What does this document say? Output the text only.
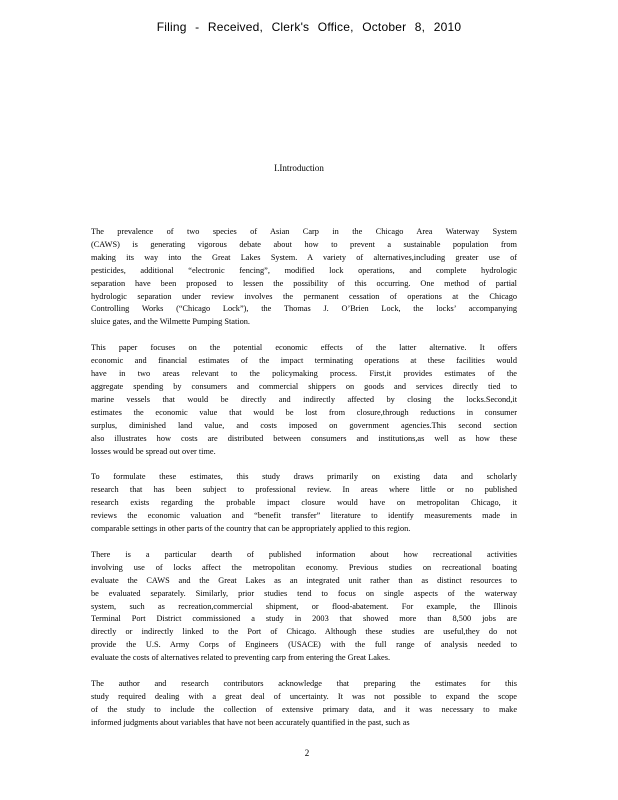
Filing - Received, Clerk's Office, October 8, 2010
I.Introduction
The prevalence of two species of Asian Carp in the Chicago Area Waterway System
(CAWS) is generating vigorous debate about how to prevent a sustainable population from
making its way into the Great Lakes System. A variety of alternatives,including greater use of
pesticides, additional “electronic fencing”, modified lock operations, and complete hydrologic
separation have been proposed to lessen the possibility of this occurring. One method of partial
hydrologic separation under review involves the permanent cessation of operations at the Chicago
Controlling Works (“Chicago Lock”), the Thomas J. O’Brien Lock, the locks’ accompanying
sluice gates, and the Wilmette Pumping Station.
This paper focuses on the potential economic effects of the latter alternative. It offers
economic and financial estimates of the impact terminating operations at these facilities would
have in two areas relevant to the policymaking process. First,it provides estimates of the
aggregate spending by consumers and commercial shippers on goods and services directly tied to
marine vessels that would be directly and indirectly affected by closing the locks.Second,it
estimates the economic value that would be lost from closure,through reductions in consumer
surplus, diminished land value, and costs imposed on government agencies.This second section
also illustrates how costs are distributed between consumers and institutions,as well as how these
losses would be spread out over time.
To formulate these estimates, this study draws primarily on existing data and scholarly
research that has been subject to professional review. In areas where little or no published
research exists regarding the probable impact closure would have on metropolitan Chicago, it
reviews the economic valuation and “benefit transfer” literature to identify measurements made in
comparable settings in other parts of the country that can be appropriately applied to this region.
There is a particular dearth of published information about how recreational activities
involving use of locks affect the metropolitan economy. Previous studies on recreational boating
evaluate the CAWS and the Great Lakes as an integrated unit rather than as distinct resources to
be evaluated separately. Similarly, prior studies tend to focus on single aspects of the waterway
system, such as recreation,commercial shipment, or flood-abatement. For example, the Illinois
Terminal Port District commissioned a study in 2003 that showed more than 8,500 jobs are
directly or indirectly linked to the Port of Chicago. Although these studies are useful,they do not
provide the U.S. Army Corps of Engineers (USACE) with the full range of analysis needed to
evaluate the costs of alternatives related to preventing carp from entering the Great Lakes.
The author and research contributors acknowledge that preparing the estimates for this
study required dealing with a great deal of uncertainty. It was not possible to expand the scope
of the study to include the collection of extensive primary data, and it was necessary to make
informed judgments about variables that have not been accurately quantified in the past, such as
2
